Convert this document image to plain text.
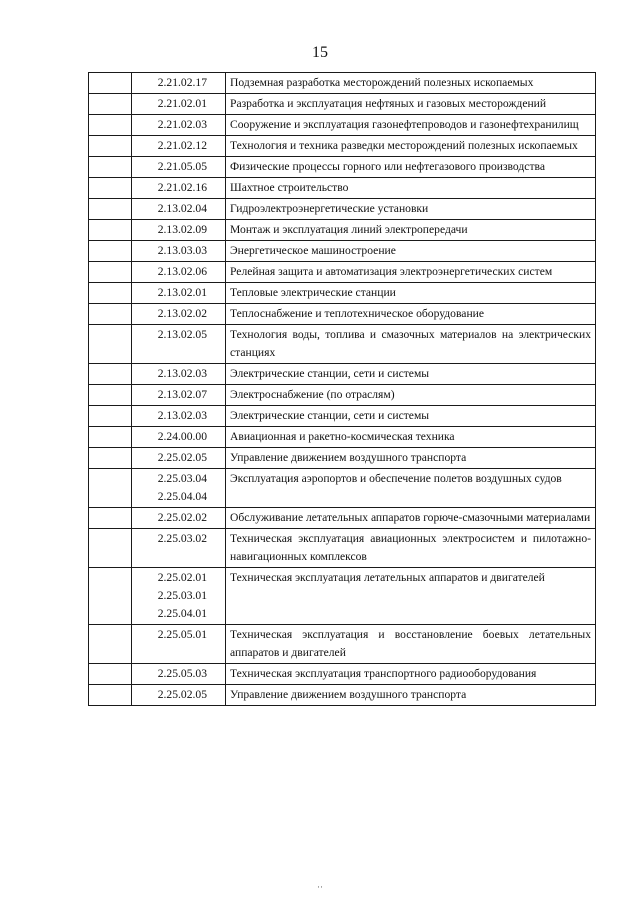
15

	2.21.02.17	Подземная разработка месторождений полезных ископаемых

	2.21.02.01	Разработка и эксплуатация нефтяных и газовых месторождений

	2.21.02.03	Сооружение и эксплуатация газонефтепроводов и газонефтехранилищ

	2.21.02.12	Технология и техника разведки месторождений полезных ископаемых

	2.21.05.05	Физические процессы горного или нефтегазового производства

	2.21.02.16	Шахтное строительство

	2.13.02.04	Гидроэлектроэнергетические установки

	2.13.02.09	Монтаж и эксплуатация линий электропередачи

	2.13.03.03	Энергетическое машиностроение

	2.13.02.06	Релейная защита и автоматизация электроэнергетических систем

	2.13.02.01	Тепловые электрические станции

	2.13.02.02	Теплоснабжение и теплотехническое оборудование

	2.13.02.05	Технология воды, топлива и смазочных материалов на электрических станциях

	2.13.02.03	Электрические станции, сети и системы

	2.13.02.07	Электроснабжение (по отраслям)

	2.13.02.03	Электрические станции, сети и системы

	2.24.00.00	Авиационная и ракетно-космическая техника

	2.25.02.05	Управление движением воздушного транспорта

	2.25.03.04
2.25.04.04	Эксплуатация аэропортов и обеспечение полетов воздушных судов

	2.25.02.02	Обслуживание летательных аппаратов горюче-смазочными материалами

	2.25.03.02	Техническая эксплуатация авиационных электросистем и пилотажно-навигационных комплексов

	2.25.02.01
2.25.03.01
2.25.04.01	Техническая эксплуатация летательных аппаратов и двигателей

	2.25.05.01	Техническая эксплуатация и восстановление боевых летательных аппаратов и двигателей

	2.25.05.03	Техническая эксплуатация транспортного радиооборудования

	2.25.02.05	Управление движением воздушного транспорта
··
